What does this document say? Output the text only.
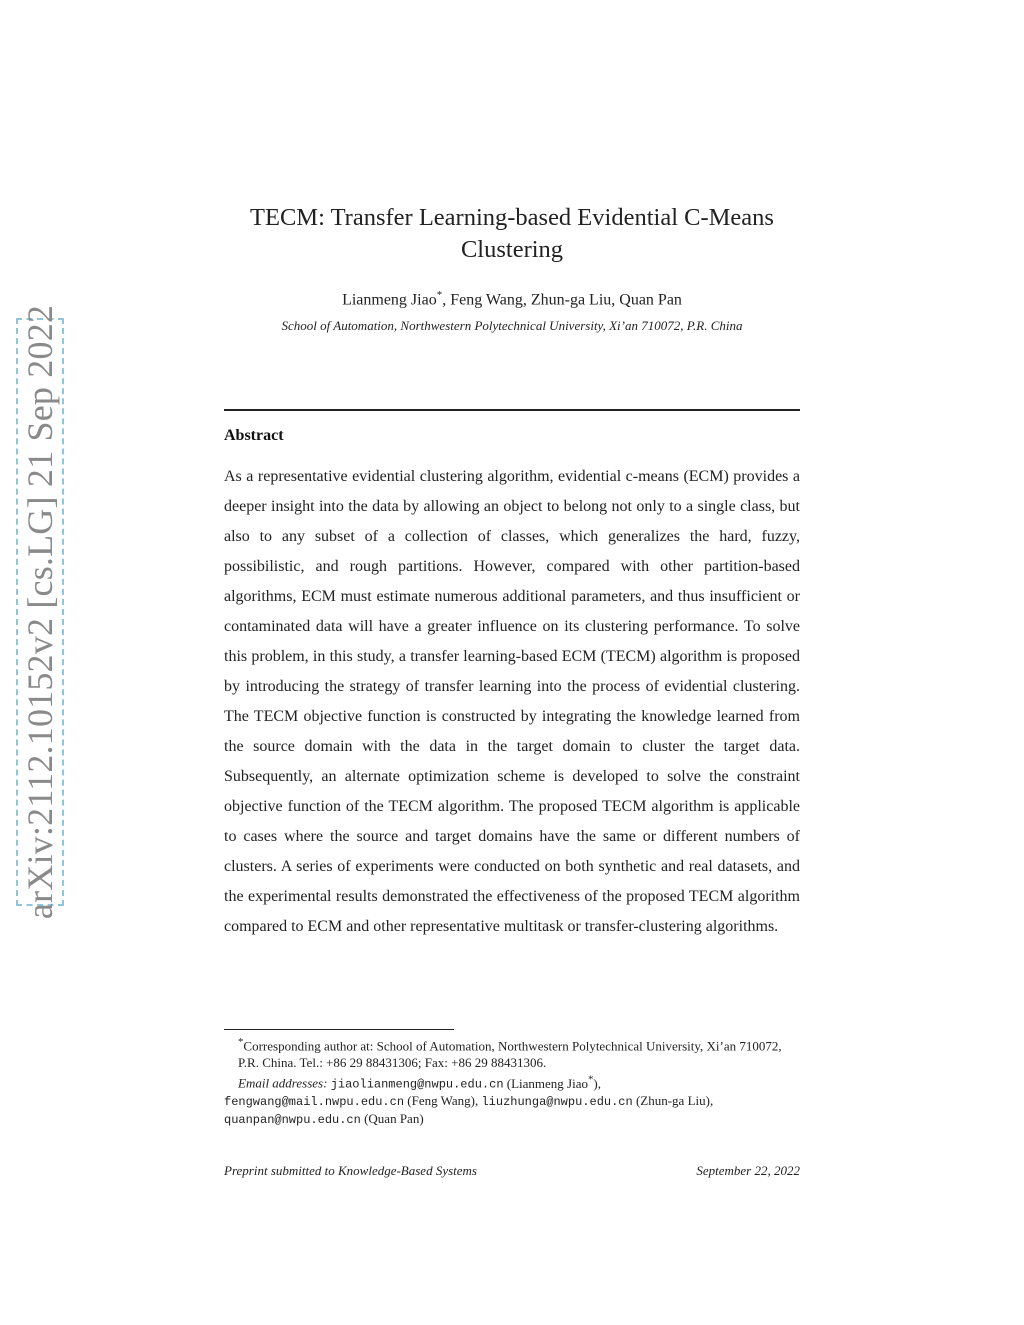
arXiv:2112.10152v2 [cs.LG] 21 Sep 2022
TECM: Transfer Learning-based Evidential C-Means
Clustering
Lianmeng Jiao*, Feng Wang, Zhun-ga Liu, Quan Pan
School of Automation, Northwestern Polytechnical University, Xi’an 710072, P.R. China
Abstract

As a representative evidential clustering algorithm, evidential c-means (ECM) provides a deeper insight into the data by allowing an object to belong not only to a single class, but also to any subset of a collection of classes, which generalizes the hard, fuzzy, possibilistic, and rough partitions. However, compared with other partition-based algorithms, ECM must estimate numerous additional parameters, and thus insufficient or contaminated data will have a greater influence on its clustering performance. To solve this problem, in this study, a transfer learning-based ECM (TECM) algorithm is proposed by introducing the strategy of transfer learning into the process of evidential clustering. The TECM objective function is constructed by integrating the knowledge learned from the source domain with the data in the target domain to cluster the target data. Subsequently, an alternate optimization scheme is developed to solve the constraint objective function of the TECM algorithm. The proposed TECM algorithm is applicable to cases where the source and target domains have the same or different numbers of clusters. A series of experiments were conducted on both synthetic and real datasets, and the experimental results demonstrated the effectiveness of the proposed TECM algorithm compared to ECM and other representative multitask or transfer-clustering algorithms.

*Corresponding author at: School of Automation, Northwestern Polytechnical University, Xi’an 710072, P.R. China. Tel.: +86 29 88431306; Fax: +86 29 88431306.
Email addresses: jiaolianmeng@nwpu.edu.cn (Lianmeng Jiao*),
fengwang@mail.nwpu.edu.cn (Feng Wang), liuzhunga@nwpu.edu.cn (Zhun-ga Liu),
quanpan@nwpu.edu.cn (Quan Pan)
Preprint submitted to Knowledge-Based Systems	September 22, 2022
